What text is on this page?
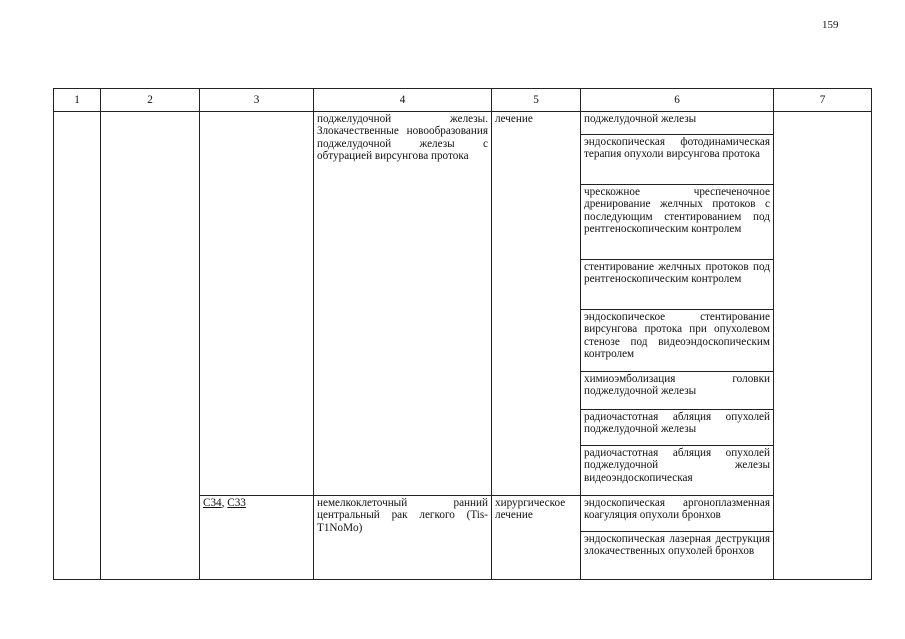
159
1	2	3	4	5	6	7
			поджелудочной железы. Злокачественные новообразования поджелудочной железы с обтурацией вирсунгова протока	лечение	поджелудочной железы	
					эндоскопическая фотодинамическая терапия опухоли вирсунгова протока	
					чрескожное чреспеченочное дренирование желчных протоков с последующим стентированием под рентгеноскопическим контролем	
					стентирование желчных протоков под рентгеноскопическим контролем	
					эндоскопическое стентирование вирсунгова протока при опухолевом стенозе под видеоэндоскопическим контролем	
					химиоэмболизация головки поджелудочной железы	
					радиочастотная абляция опухолей поджелудочной железы	
					радиочастотная абляция опухолей поджелудочной железы видеоэндоскопическая	
		C34, C33	немелкоклеточный ранний центральный рак легкого (Tis-T1NoMo)	хирургическое лечение	эндоскопическая аргоноплазменная коагуляция опухоли бронхов	
					эндоскопическая лазерная деструкция злокачественных опухолей бронхов	
